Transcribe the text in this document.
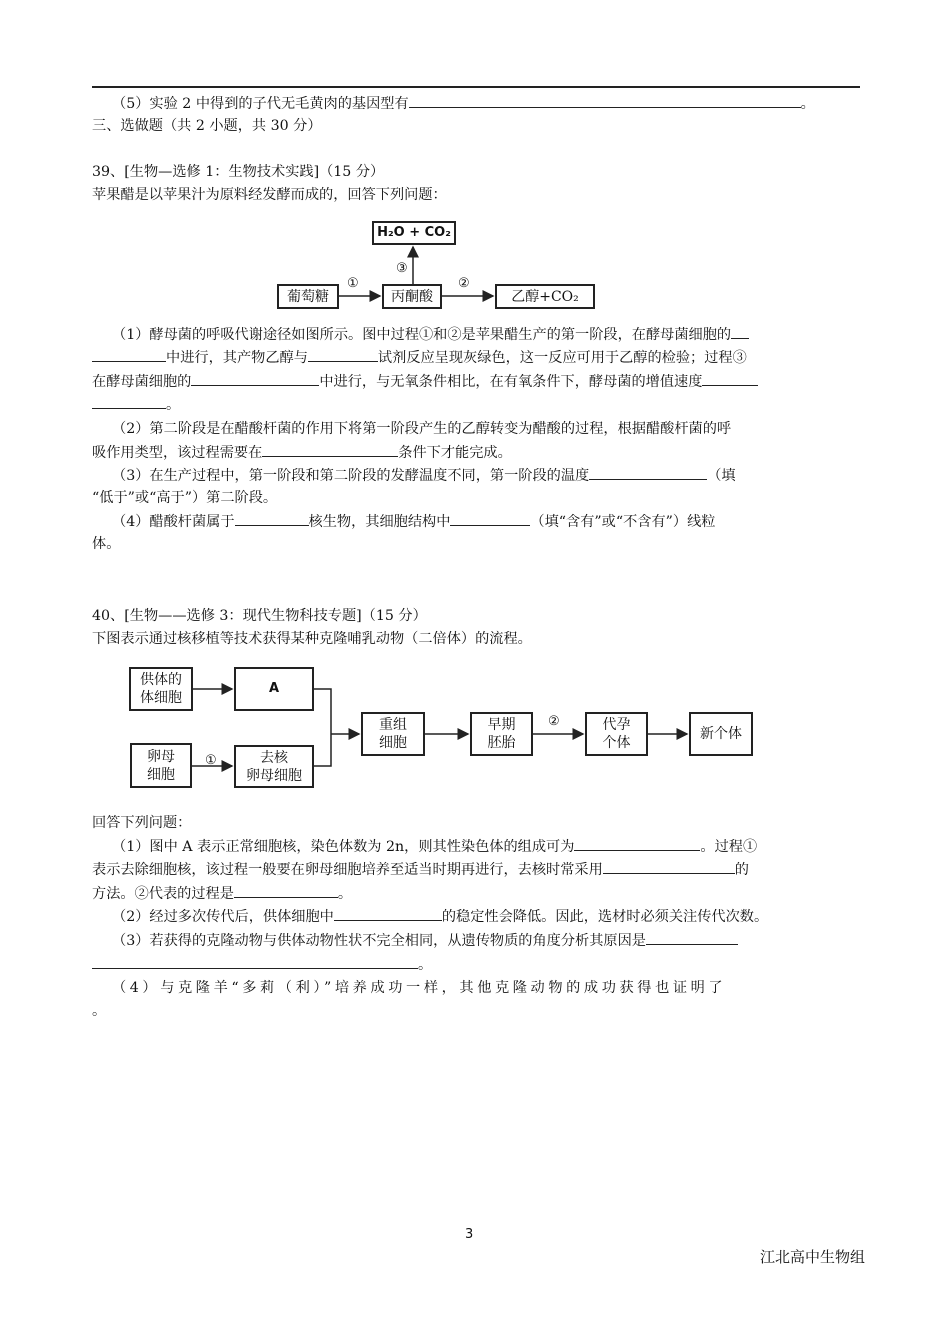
（5）实验 2 中得到的子代无毛黄肉的基因型有	。
三、选做题（共 2 小题，共 30 分）
39、[生物—选修 1：生物技术实践]（15 分）
苹果醋是以苹果汁为原料经发酵而成的，回答下列问题：
H₂O + CO₂
葡萄糖	丙酮酸	乙醇+CO₂
①	②
③
（1）酵母菌的呼吸代谢途径如图所示。图中过程①和②是苹果醋生产的第一阶段，在酵母菌细胞的
中进行，其产物乙醇与	试剂反应呈现灰绿色，这一反应可用于乙醇的检验；过程③
在酵母菌细胞的	中进行，与无氧条件相比，在有氧条件下，酵母菌的增值速度
。
（2）第二阶段是在醋酸杆菌的作用下将第一阶段产生的乙醇转变为醋酸的过程，根据醋酸杆菌的呼
吸作用类型，该过程需要在	条件下才能完成。
（3）在生产过程中，第一阶段和第二阶段的发酵温度不同，第一阶段的温度	（填
“低于”或“高于”）第二阶段。
（4）醋酸杆菌属于	核生物，其细胞结构中	（填“含有”或“不含有”）线粒
体。
40、[生物——选修 3：现代生物科技专题]（15 分）
下图表示通过核移植等技术获得某种克隆哺乳动物（二倍体）的流程。
供体的
体细胞
A
卵母
细胞
去核
卵母细胞
重组
细胞
早期
胚胎
代孕
个体
新个体
①
②
回答下列问题：
（1）图中 A 表示正常细胞核，染色体数为 2n，则其性染色体的组成可为	。过程①
表示去除细胞核，该过程一般要在卵母细胞培养至适当时期再进行，去核时常采用	的
方法。②代表的过程是	。
（2）经过多次传代后，供体细胞中	的稳定性会降低。因此，选材时必须关注传代次数。
（3）若获得的克隆动物与供体动物性状不完全相同，从遗传物质的角度分析其原因是
。
（4）与克隆羊“多莉（利）”培养成功一样，其他克隆动物的成功获得也证明了
。
3
江北高中生物组
